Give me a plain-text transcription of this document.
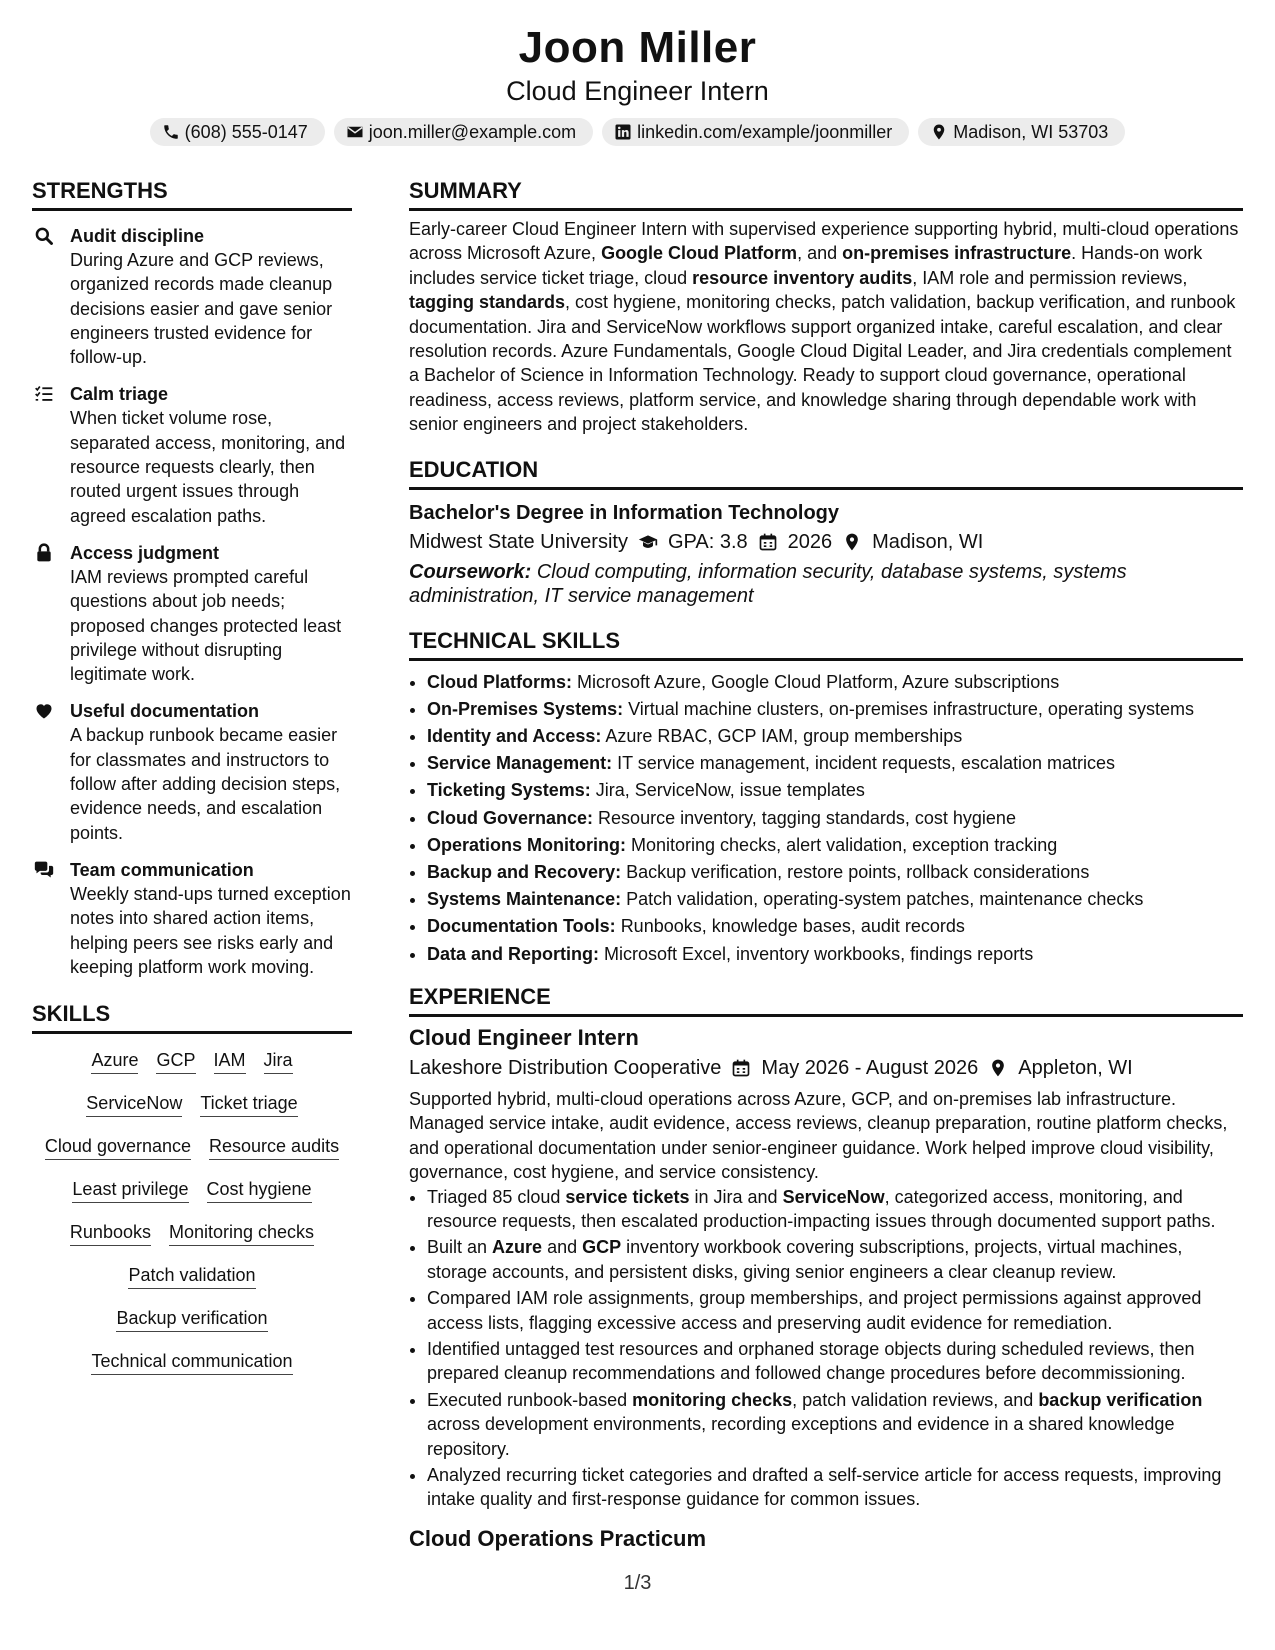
Joon Miller
Cloud Engineer Intern
(608) 555-0147	joon.miller@example.com	linkedin.com/example/joonmiller	Madison, WI 53703
STRENGTHS
Audit discipline
During Azure and GCP reviews, organized records made cleanup decisions easier and gave senior engineers trusted evidence for follow-up.
Calm triage
When ticket volume rose, separated access, monitoring, and resource requests clearly, then routed urgent issues through agreed escalation paths.
Access judgment
IAM reviews prompted careful questions about job needs; proposed changes protected least privilege without disrupting legitimate work.
Useful documentation
A backup runbook became easier for classmates and instructors to follow after adding decision steps, evidence needs, and escalation points.
Team communication
Weekly stand-ups turned exception notes into shared action items, helping peers see risks early and keeping platform work moving.
SKILLS
Azure GCP IAM Jira
ServiceNow Ticket triage
Cloud governance Resource audits
Least privilege Cost hygiene
Runbooks Monitoring checks
Patch validation
Backup verification
Technical communication
SUMMARY
Early-career Cloud Engineer Intern with supervised experience supporting hybrid, multi-cloud operations across Microsoft Azure, Google Cloud Platform, and on-premises infrastructure. Hands-on work includes service ticket triage, cloud resource inventory audits, IAM role and permission reviews, tagging standards, cost hygiene, monitoring checks, patch validation, backup verification, and runbook documentation. Jira and ServiceNow workflows support organized intake, careful escalation, and clear resolution records. Azure Fundamentals, Google Cloud Digital Leader, and Jira credentials complement a Bachelor of Science in Information Technology. Ready to support cloud governance, operational readiness, access reviews, platform service, and knowledge sharing through dependable work with senior engineers and project stakeholders.
EDUCATION
Bachelor's Degree in Information Technology
Midwest State University GPA: 3.8 2026 Madison, WI
Coursework: Cloud computing, information security, database systems, systems administration, IT service management
TECHNICAL SKILLS
• Cloud Platforms: Microsoft Azure, Google Cloud Platform, Azure subscriptions
• On-Premises Systems: Virtual machine clusters, on-premises infrastructure, operating systems
• Identity and Access: Azure RBAC, GCP IAM, group memberships
• Service Management: IT service management, incident requests, escalation matrices
• Ticketing Systems: Jira, ServiceNow, issue templates
• Cloud Governance: Resource inventory, tagging standards, cost hygiene
• Operations Monitoring: Monitoring checks, alert validation, exception tracking
• Backup and Recovery: Backup verification, restore points, rollback considerations
• Systems Maintenance: Patch validation, operating-system patches, maintenance checks
• Documentation Tools: Runbooks, knowledge bases, audit records
• Data and Reporting: Microsoft Excel, inventory workbooks, findings reports
EXPERIENCE
Cloud Engineer Intern
Lakeshore Distribution Cooperative May 2026 - August 2026 Appleton, WI
Supported hybrid, multi-cloud operations across Azure, GCP, and on-premises lab infrastructure. Managed service intake, audit evidence, access reviews, cleanup preparation, routine platform checks, and operational documentation under senior-engineer guidance. Work helped improve cloud visibility, governance, cost hygiene, and service consistency.
• Triaged 85 cloud service tickets in Jira and ServiceNow, categorized access, monitoring, and resource requests, then escalated production-impacting issues through documented support paths.
• Built an Azure and GCP inventory workbook covering subscriptions, projects, virtual machines, storage accounts, and persistent disks, giving senior engineers a clear cleanup review.
• Compared IAM role assignments, group memberships, and project permissions against approved access lists, flagging excessive access and preserving audit evidence for remediation.
• Identified untagged test resources and orphaned storage objects during scheduled reviews, then prepared cleanup recommendations and followed change procedures before decommissioning.
• Executed runbook-based monitoring checks, patch validation reviews, and backup verification across development environments, recording exceptions and evidence in a shared knowledge repository.
• Analyzed recurring ticket categories and drafted a self-service article for access requests, improving intake quality and first-response guidance for common issues.
Cloud Operations Practicum
1/3
